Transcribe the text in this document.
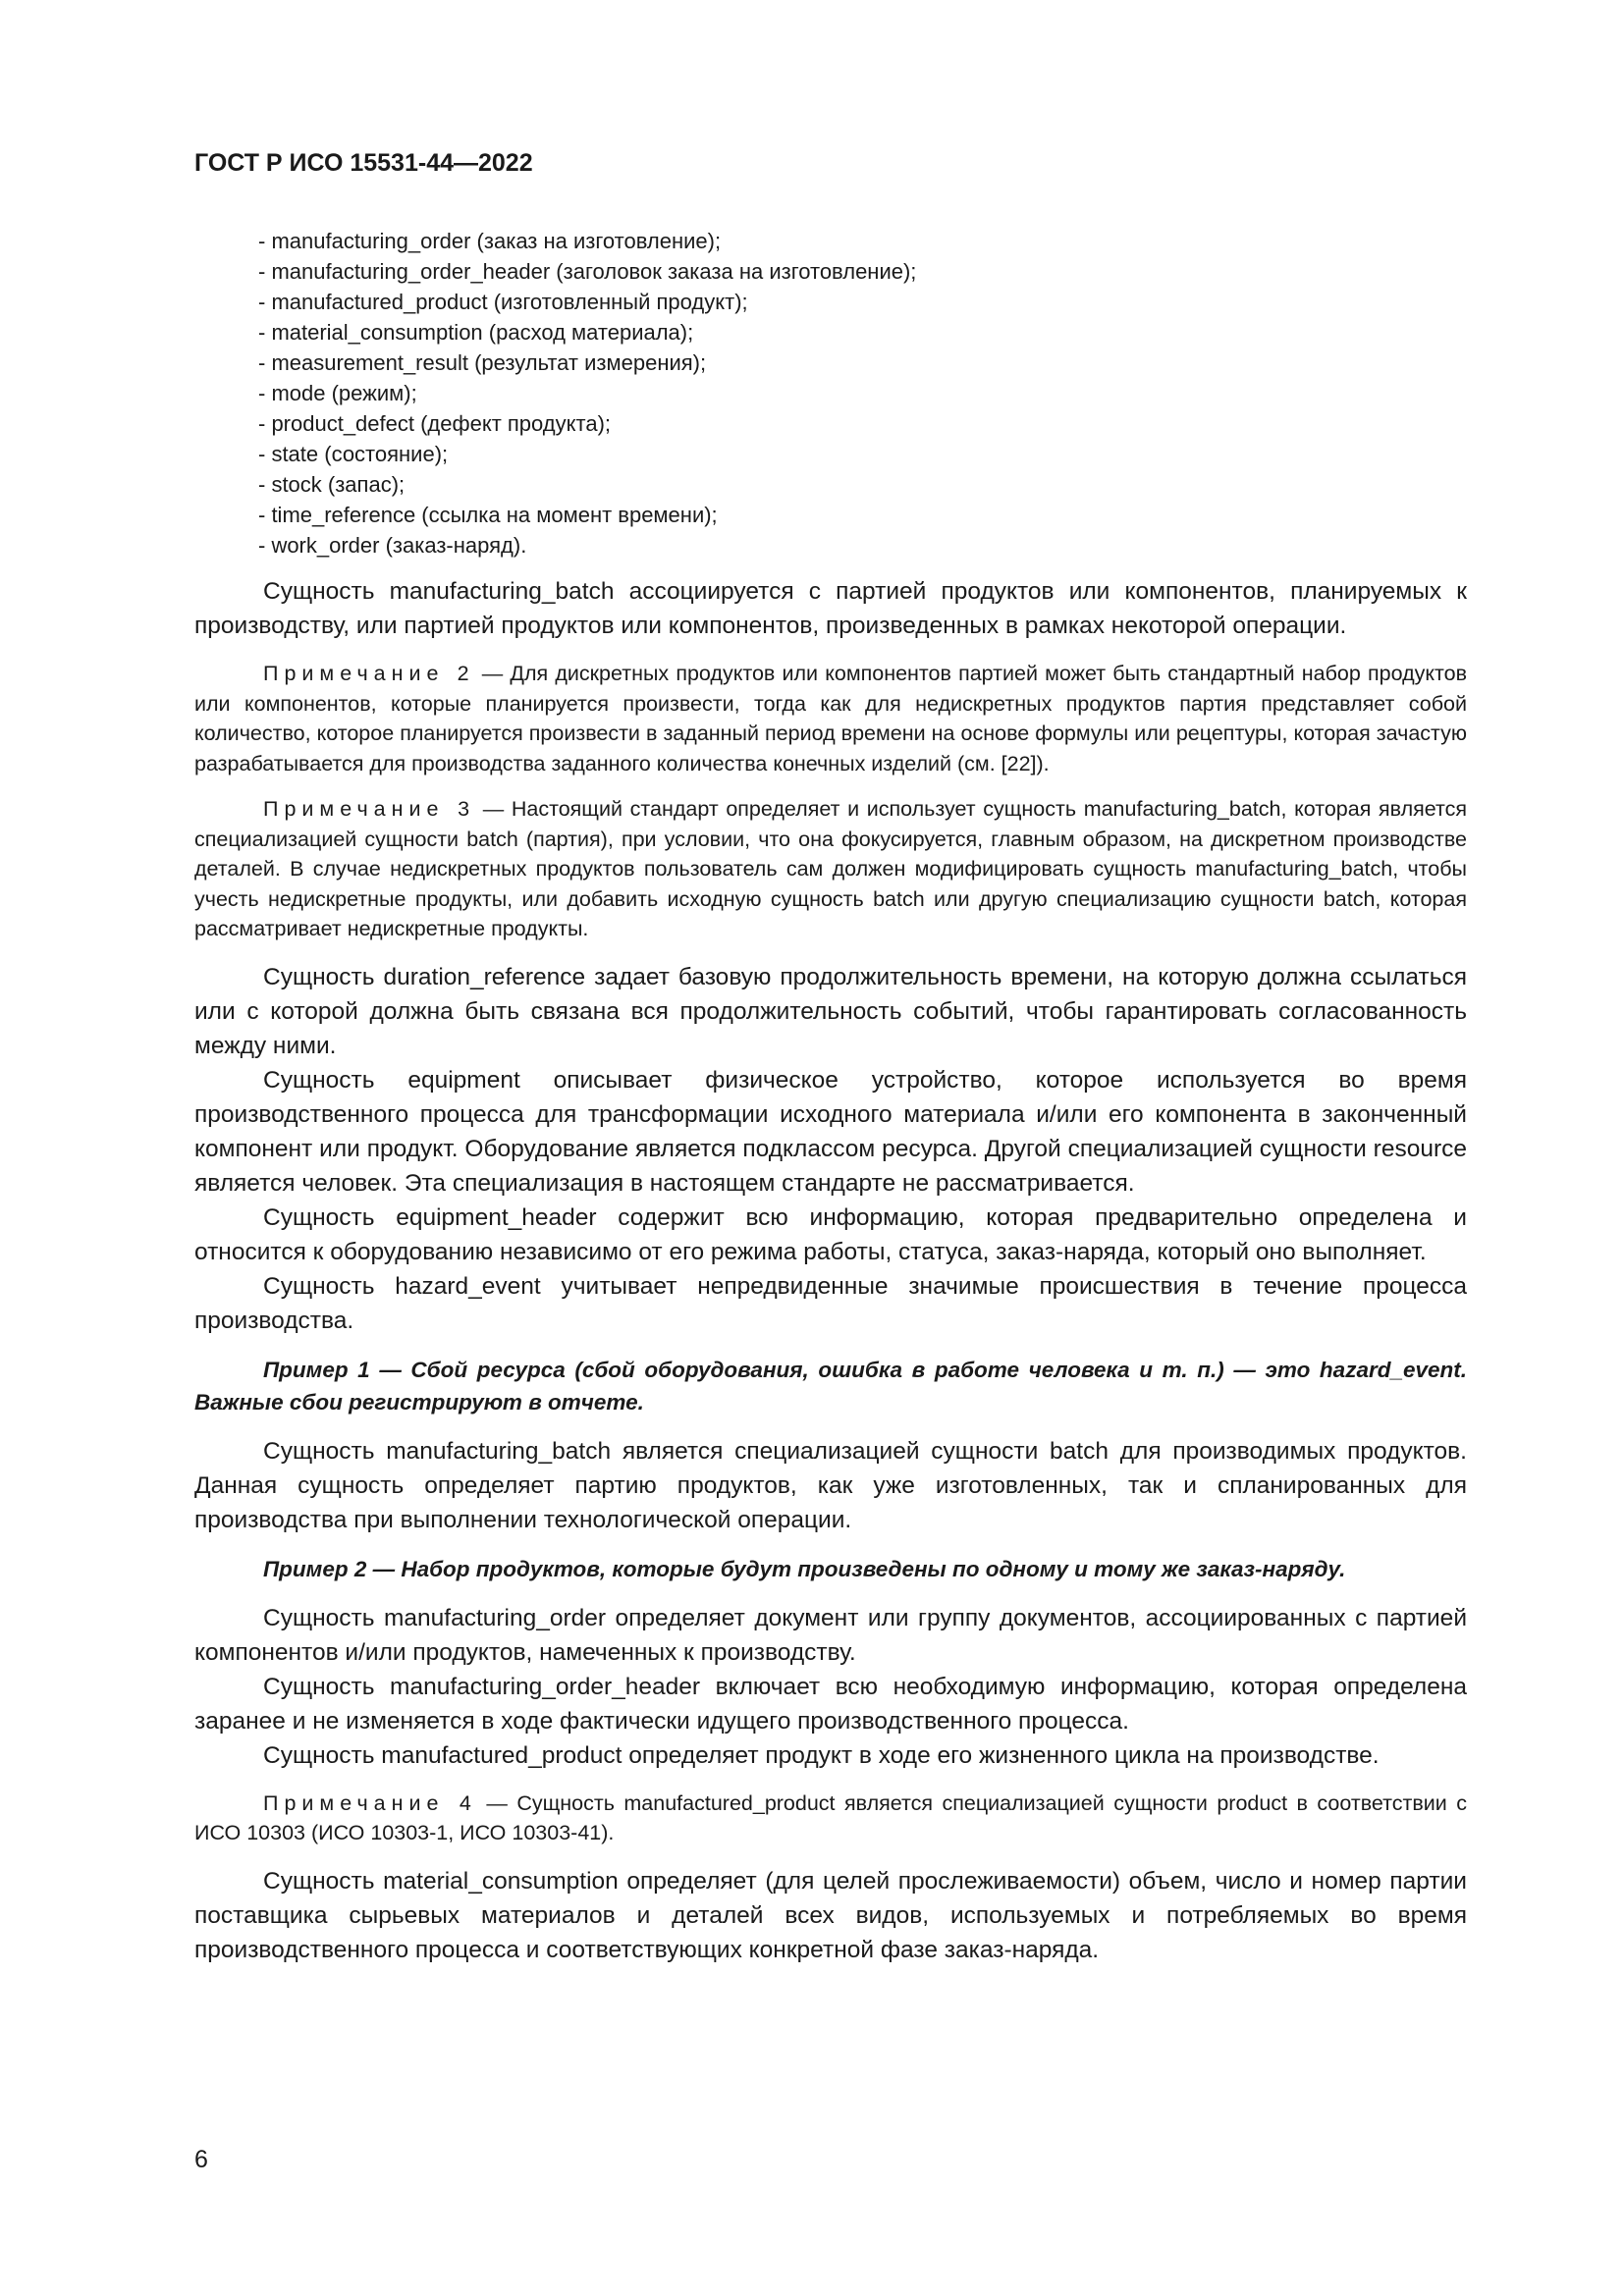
ГОСТ Р ИСО 15531-44—2022
- manufacturing_order (заказ на изготовление);
- manufacturing_order_header (заголовок заказа на изготовление);
- manufactured_product (изготовленный продукт);
- material_consumption (расход материала);
- measurement_result (результат измерения);
- mode (режим);
- product_defect (дефект продукта);
- state (состояние);
- stock (запас);
- time_reference (ссылка на момент времени);
- work_order (заказ-наряд).

Сущность manufacturing_batch ассоциируется с партией продуктов или компонентов, планируемых к производству, или партией продуктов или компонентов, произведенных в рамках некоторой операции.

Примечание 2 — Для дискретных продуктов или компонентов партией может быть стандартный набор продуктов или компонентов, которые планируется произвести, тогда как для недискретных продуктов партия представляет собой количество, которое планируется произвести в заданный период времени на основе формулы или рецептуры, которая зачастую разрабатывается для производства заданного количества конечных изделий (см. [22]).

Примечание 3 — Настоящий стандарт определяет и использует сущность manufacturing_batch, которая является специализацией сущности batch (партия), при условии, что она фокусируется, главным образом, на дискретном производстве деталей. В случае недискретных продуктов пользователь сам должен модифицировать сущность manufacturing_batch, чтобы учесть недискретные продукты, или добавить исходную сущность batch или другую специализацию сущности batch, которая рассматривает недискретные продукты.

Сущность duration_reference задает базовую продолжительность времени, на которую должна ссылаться или с которой должна быть связана вся продолжительность событий, чтобы гарантировать согласованность между ними.

Сущность equipment описывает физическое устройство, которое используется во время производственного процесса для трансформации исходного материала и/или его компонента в законченный компонент или продукт. Оборудование является подклассом ресурса. Другой специализацией сущности resource является человек. Эта специализация в настоящем стандарте не рассматривается.

Сущность equipment_header содержит всю информацию, которая предварительно определена и относится к оборудованию независимо от его режима работы, статуса, заказ-наряда, который оно выполняет.

Сущность hazard_event учитывает непредвиденные значимые происшествия в течение процесса производства.

Пример 1 — Сбой ресурса (сбой оборудования, ошибка в работе человека и т. п.) — это hazard_event. Важные сбои регистрируют в отчете.

Сущность manufacturing_batch является специализацией сущности batch для производимых продуктов. Данная сущность определяет партию продуктов, как уже изготовленных, так и спланированных для производства при выполнении технологической операции.

Пример 2 — Набор продуктов, которые будут произведены по одному и тому же заказ-наряду.

Сущность manufacturing_order определяет документ или группу документов, ассоциированных с партией компонентов и/или продуктов, намеченных к производству.

Сущность manufacturing_order_header включает всю необходимую информацию, которая определена заранее и не изменяется в ходе фактически идущего производственного процесса.

Сущность manufactured_product определяет продукт в ходе его жизненного цикла на производстве.

Примечание 4 — Сущность manufactured_product является специализацией сущности product в соответствии с ИСО 10303 (ИСО 10303-1, ИСО 10303-41).

Сущность material_consumption определяет (для целей прослеживаемости) объем, число и номер партии поставщика сырьевых материалов и деталей всех видов, используемых и потребляемых во время производственного процесса и соответствующих конкретной фазе заказ-наряда.

6
